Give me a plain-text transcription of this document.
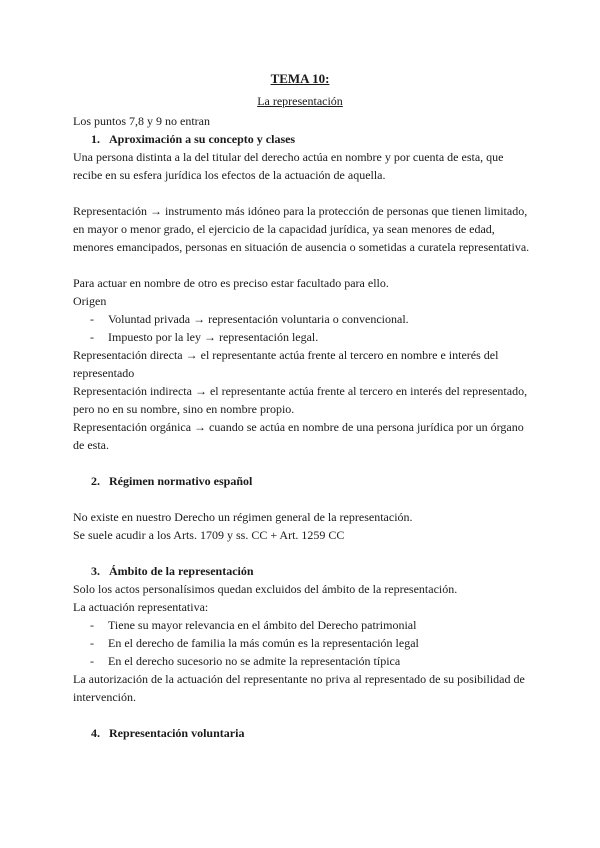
TEMA 10:
La representación

Los puntos 7,8 y 9 no entran

1. Aproximación a su concepto y clases

Una persona distinta a la del titular del derecho actúa en nombre y por cuenta de esta, que recibe en su esfera jurídica los efectos de la actuación de aquella.

Representación → instrumento más idóneo para la protección de personas que tienen limitado, en mayor o menor grado, el ejercicio de la capacidad jurídica, ya sean menores de edad, menores emancipados, personas en situación de ausencia o sometidas a curatela representativa.

Para actuar en nombre de otro es preciso estar facultado para ello.

Origen

- Voluntad privada → representación voluntaria o convencional.

- Impuesto por la ley → representación legal.

Representación directa → el representante actúa frente al tercero en nombre e interés del representado

Representación indirecta → el representante actúa frente al tercero en interés del representado, pero no en su nombre, sino en nombre propio.

Representación orgánica → cuando se actúa en nombre de una persona jurídica por un órgano de esta.

2. Régimen normativo español

No existe en nuestro Derecho un régimen general de la representación.

Se suele acudir a los Arts. 1709 y ss. CC + Art. 1259 CC

3. Ámbito de la representación

Solo los actos personalísimos quedan excluidos del ámbito de la representación.

La actuación representativa:

- Tiene su mayor relevancia en el ámbito del Derecho patrimonial

- En el derecho de familia la más común es la representación legal

- En el derecho sucesorio no se admite la representación típica

La autorización de la actuación del representante no priva al representado de su posibilidad de intervención.

4. Representación voluntaria
